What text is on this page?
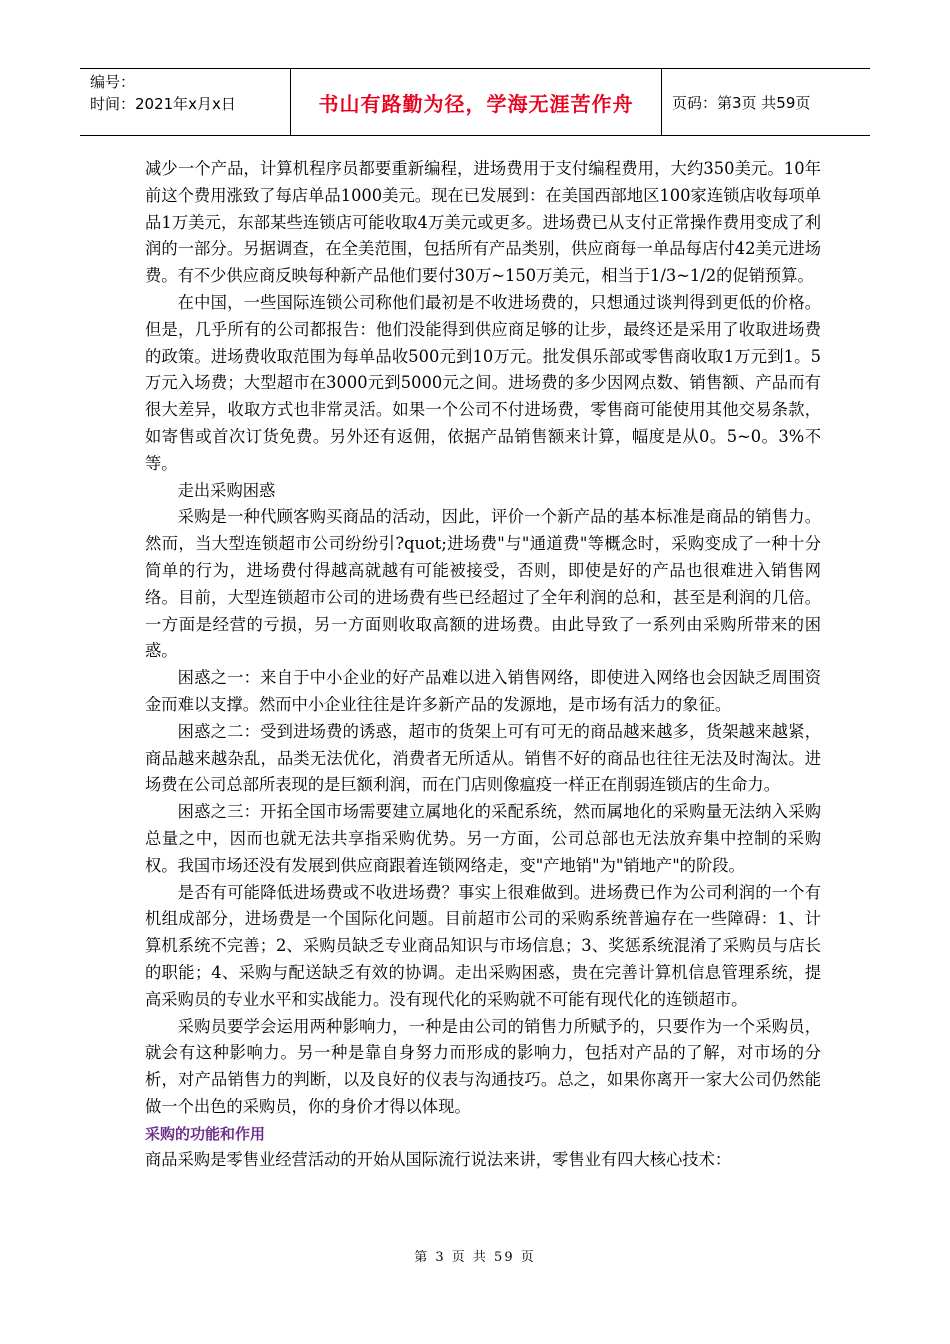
编号：
时间：2021年x月x日	书山有路勤为径，学海无涯苦作舟	页码：第3页 共59页

减少一个产品，计算机程序员都要重新编程，进场费用于支付编程费用，大约350美元。10年前这个费用涨致了每店单品1000美元。现在已发展到：在美国西部地区100家连锁店收每项单品1万美元，东部某些连锁店可能收取4万美元或更多。进场费已从支付正常操作费用变成了利润的一部分。另据调查，在全美范围，包括所有产品类别，供应商每一单品每店付42美元进场费。有不少供应商反映每种新产品他们要付30万~150万美元，相当于1/3~1/2的促销预算。

在中国，一些国际连锁公司称他们最初是不收进场费的，只想通过谈判得到更低的价格。但是，几乎所有的公司都报告：他们没能得到供应商足够的让步，最终还是采用了收取进场费的政策。进场费收取范围为每单品收500元到10万元。批发俱乐部或零售商收取1万元到1。5万元入场费；大型超市在3000元到5000元之间。进场费的多少因网点数、销售额、产品而有很大差异，收取方式也非常灵活。如果一个公司不付进场费，零售商可能使用其他交易条款，如寄售或首次订货免费。另外还有返佣，依据产品销售额来计算，幅度是从0。5~0。3%不等。

走出采购困惑

采购是一种代顾客购买商品的活动，因此，评价一个新产品的基本标准是商品的销售力。然而，当大型连锁超市公司纷纷引?quot;进场费"与"通道费"等概念时，采购变成了一种十分简单的行为，进场费付得越高就越有可能被接受，否则，即使是好的产品也很难进入销售网络。目前，大型连锁超市公司的进场费有些已经超过了全年利润的总和，甚至是利润的几倍。一方面是经营的亏损，另一方面则收取高额的进场费。由此导致了一系列由采购所带来的困惑。

困惑之一：来自于中小企业的好产品难以进入销售网络，即使进入网络也会因缺乏周围资金而难以支撑。然而中小企业往往是许多新产品的发源地，是市场有活力的象征。

困惑之二：受到进场费的诱惑，超市的货架上可有可无的商品越来越多，货架越来越紧，商品越来越杂乱，品类无法优化，消费者无所适从。销售不好的商品也往往无法及时淘汰。进场费在公司总部所表现的是巨额利润，而在门店则像瘟疫一样正在削弱连锁店的生命力。

困惑之三：开拓全国市场需要建立属地化的采配系统，然而属地化的采购量无法纳入采购总量之中，因而也就无法共享指采购优势。另一方面，公司总部也无法放弃集中控制的采购权。我国市场还没有发展到供应商跟着连锁网络走，变"产地销"为"销地产"的阶段。

是否有可能降低进场费或不收进场费？事实上很难做到。进场费已作为公司利润的一个有机组成部分，进场费是一个国际化问题。目前超市公司的采购系统普遍存在一些障碍：1、计算机系统不完善；2、采购员缺乏专业商品知识与市场信息；3、奖惩系统混淆了采购员与店长的职能；4、采购与配送缺乏有效的协调。走出采购困惑，贵在完善计算机信息管理系统，提高采购员的专业水平和实战能力。没有现代化的采购就不可能有现代化的连锁超市。

采购员要学会运用两种影响力，一种是由公司的销售力所赋予的，只要作为一个采购员，就会有这种影响力。另一种是靠自身努力而形成的影响力，包括对产品的了解，对市场的分析，对产品销售力的判断，以及良好的仪表与沟通技巧。总之，如果你离开一家大公司仍然能做一个出色的采购员，你的身价才得以体现。

采购的功能和作用

商品采购是零售业经营活动的开始从国际流行说法来讲，零售业有四大核心技术：

第 3 页 共 59 页
